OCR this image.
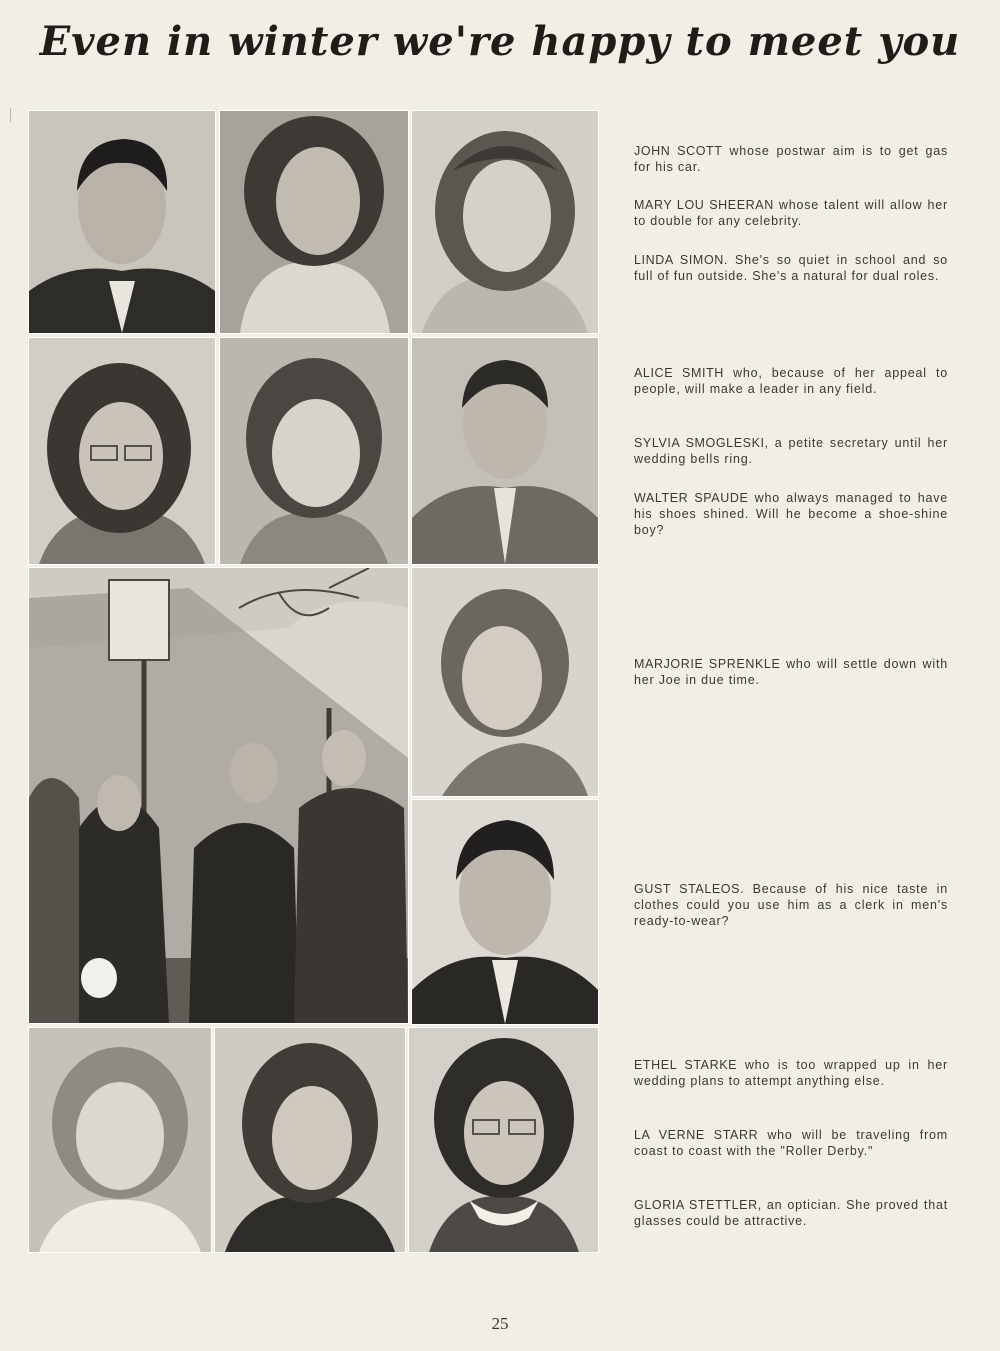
Even in winter we're happy to meet you
JOHN SCOTT whose postwar aim is to get gas for his car.
MARY LOU SHEERAN whose talent will allow her to double for any celebrity.
LINDA SIMON. She's so quiet in school and so full of fun outside. She's a natural for dual roles.
ALICE SMITH who, because of her appeal to people, will make a leader in any field.
SYLVIA SMOGLESKI, a petite secretary until her wedding bells ring.
WALTER SPAUDE who always managed to have his shoes shined. Will he become a shoe-shine boy?
MARJORIE SPRENKLE who will settle down with her Joe in due time.
GUST STALEOS. Because of his nice taste in clothes could you use him as a clerk in men's ready-to-wear?
ETHEL STARKE who is too wrapped up in her wedding plans to attempt anything else.
LA VERNE STARR who will be traveling from coast to coast with the "Roller Derby."
GLORIA STETTLER, an optician. She proved that glasses could be attractive.
25
